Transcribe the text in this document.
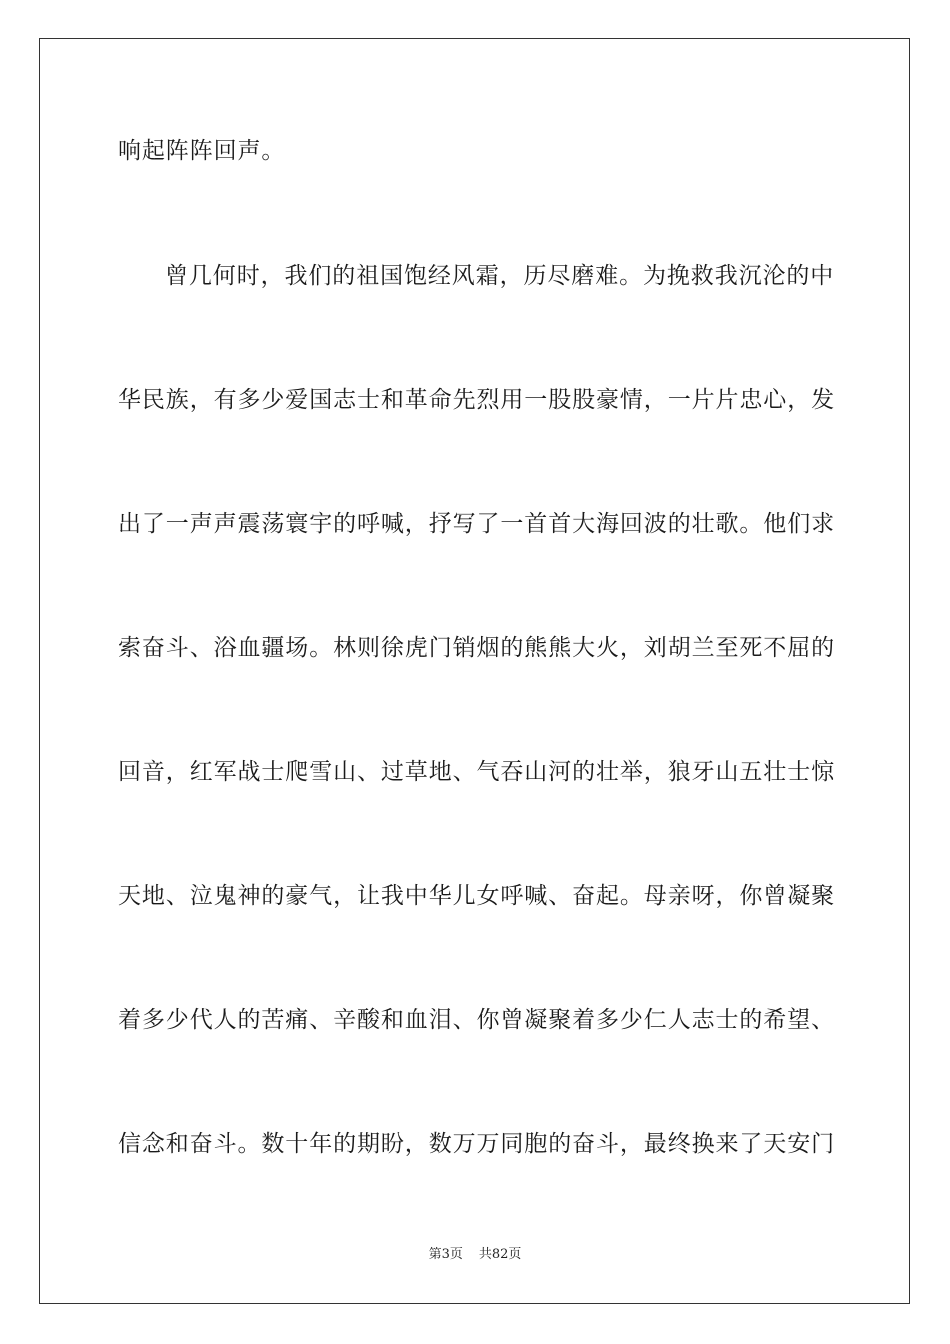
响起阵阵回声。
曾几何时，我们的祖国饱经风霜，历尽磨难。为挽救我沉沦的中
华民族，有多少爱国志士和革命先烈用一股股豪情，一片片忠心，发
出了一声声震荡寰宇的呼喊，抒写了一首首大海回波的壮歌。他们求
索奋斗、浴血疆场。林则徐虎门销烟的熊熊大火，刘胡兰至死不屈的
回音，红军战士爬雪山、过草地、气吞山河的壮举，狼牙山五壮士惊
天地、泣鬼神的豪气，让我中华儿女呼喊、奋起。母亲呀，你曾凝聚
着多少代人的苦痛、辛酸和血泪、你曾凝聚着多少仁人志士的希望、
信念和奋斗。数十年的期盼，数万万同胞的奋斗，最终换来了天安门
第3页 共82页
